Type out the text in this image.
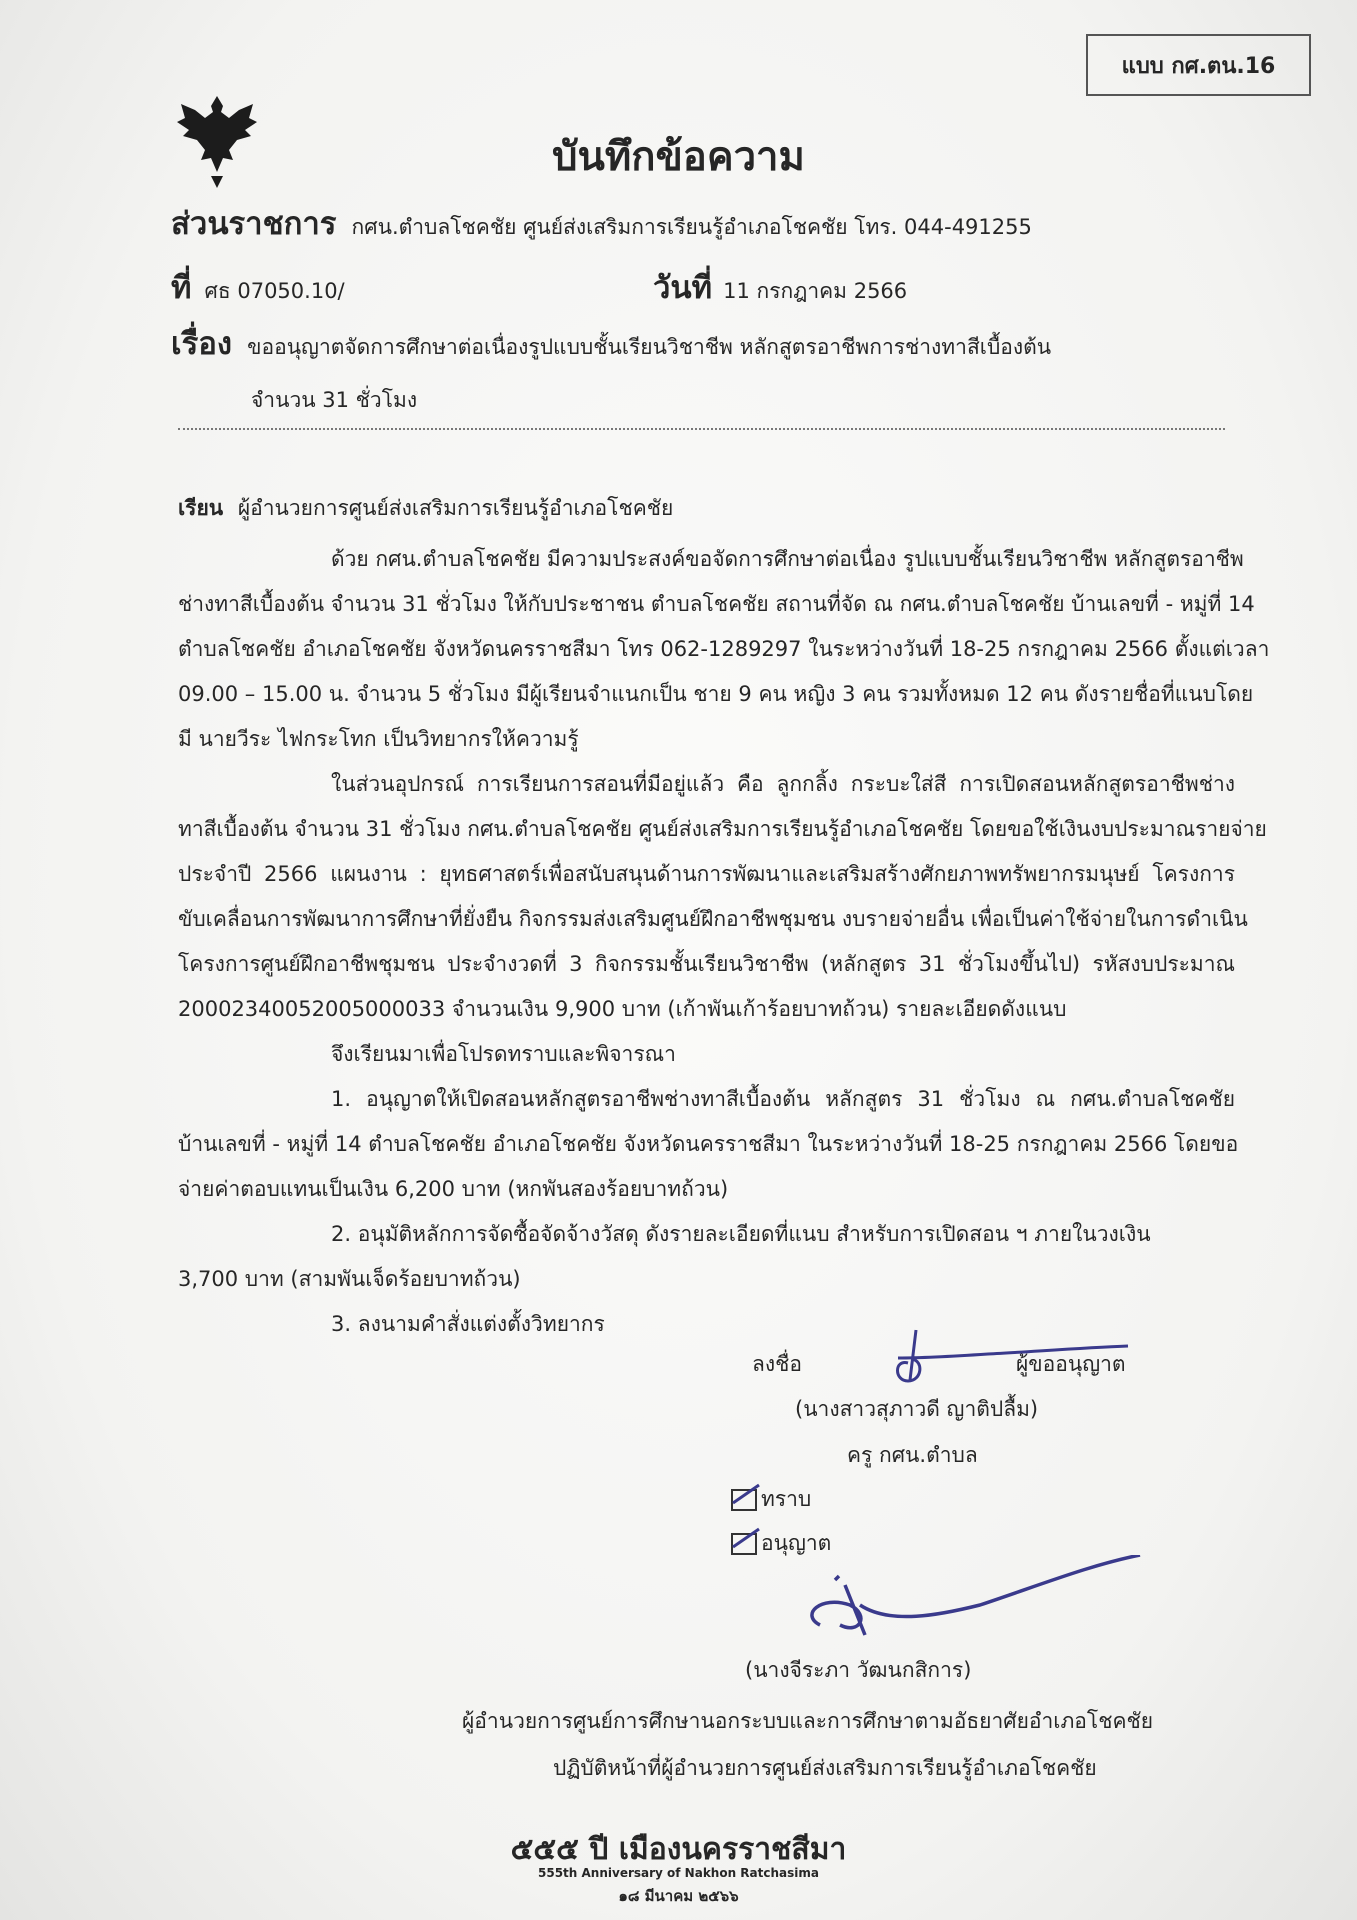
แบบ กศ.ตน.16
บันทึกข้อความ
ส่วนราชการ กศน.ตำบลโชคชัย ศูนย์ส่งเสริมการเรียนรู้อำเภอโชคชัย โทร. 044-491255
ที่ ศธ 07050.10/	วันที่ 11 กรกฎาคม 2566
เรื่อง ขออนุญาตจัดการศึกษาต่อเนื่องรูปแบบชั้นเรียนวิชาชีพ หลักสูตรอาชีพการช่างทาสีเบื้องต้น
จำนวน 31 ชั่วโมง
เรียน ผู้อำนวยการศูนย์ส่งเสริมการเรียนรู้อำเภอโชคชัย
ด้วย กศน.ตำบลโชคชัย มีความประสงค์ขอจัดการศึกษาต่อเนื่อง รูปแบบชั้นเรียนวิชาชีพ หลักสูตรอาชีพ
ช่างทาสีเบื้องต้น จำนวน 31 ชั่วโมง ให้กับประชาชน ตำบลโชคชัย สถานที่จัด ณ กศน.ตำบลโชคชัย บ้านเลขที่ - หมู่ที่ 14
ตำบลโชคชัย อำเภอโชคชัย จังหวัดนครราชสีมา โทร 062-1289297 ในระหว่างวันที่ 18-25 กรกฎาคม 2566 ตั้งแต่เวลา
09.00 – 15.00 น. จำนวน 5 ชั่วโมง มีผู้เรียนจำแนกเป็น ชาย 9 คน หญิง 3 คน รวมทั้งหมด 12 คน ดังรายชื่อที่แนบโดย
มี นายวีระ ไฟกระโทก เป็นวิทยากรให้ความรู้
ในส่วนอุปกรณ์ การเรียนการสอนที่มีอยู่แล้ว คือ ลูกกลิ้ง กระบะใส่สี การเปิดสอนหลักสูตรอาชีพช่าง
ทาสีเบื้องต้น จำนวน 31 ชั่วโมง กศน.ตำบลโชคชัย ศูนย์ส่งเสริมการเรียนรู้อำเภอโชคชัย โดยขอใช้เงินงบประมาณรายจ่าย
ประจำปี 2566 แผนงาน : ยุทธศาสตร์เพื่อสนับสนุนด้านการพัฒนาและเสริมสร้างศักยภาพทรัพยากรมนุษย์ โครงการ
ขับเคลื่อนการพัฒนาการศึกษาที่ยั่งยืน กิจกรรมส่งเสริมศูนย์ฝึกอาชีพชุมชน งบรายจ่ายอื่น เพื่อเป็นค่าใช้จ่ายในการดำเนิน
โครงการศูนย์ฝึกอาชีพชุมชน ประจำงวดที่ 3 กิจกรรมชั้นเรียนวิชาชีพ (หลักสูตร 31 ชั่วโมงขึ้นไป) รหัสงบประมาณ
20002340052005000033 จำนวนเงิน 9,900 บาท (เก้าพันเก้าร้อยบาทถ้วน) รายละเอียดดังแนบ
จึงเรียนมาเพื่อโปรดทราบและพิจารณา
1. อนุญาตให้เปิดสอนหลักสูตรอาชีพช่างทาสีเบื้องต้น หลักสูตร 31 ชั่วโมง ณ กศน.ตำบลโชคชัย
บ้านเลขที่ - หมู่ที่ 14 ตำบลโชคชัย อำเภอโชคชัย จังหวัดนครราชสีมา ในระหว่างวันที่ 18-25 กรกฎาคม 2566 โดยขอ
จ่ายค่าตอบแทนเป็นเงิน 6,200 บาท (หกพันสองร้อยบาทถ้วน)
2. อนุมัติหลักการจัดซื้อจัดจ้างวัสดุ ดังรายละเอียดที่แนบ สำหรับการเปิดสอน ฯ ภายในวงเงิน
3,700 บาท (สามพันเจ็ดร้อยบาทถ้วน)
3. ลงนามคำสั่งแต่งตั้งวิทยากร
ลงชื่อ	ผู้ขออนุญาต
(นางสาวสุภาวดี ญาติปลื้ม)
ครู กศน.ตำบล
ทราบ
อนุญาต
(นางจีระภา วัฒนกสิการ)
ผู้อำนวยการศูนย์การศึกษานอกระบบและการศึกษาตามอัธยาศัยอำเภอโชคชัย
ปฏิบัติหน้าที่ผู้อำนวยการศูนย์ส่งเสริมการเรียนรู้อำเภอโชคชัย
๕๕๕ ปี เมืองนครราชสีมา
555th Anniversary of Nakhon Ratchasima
๑๘ มีนาคม ๒๕๖๖
